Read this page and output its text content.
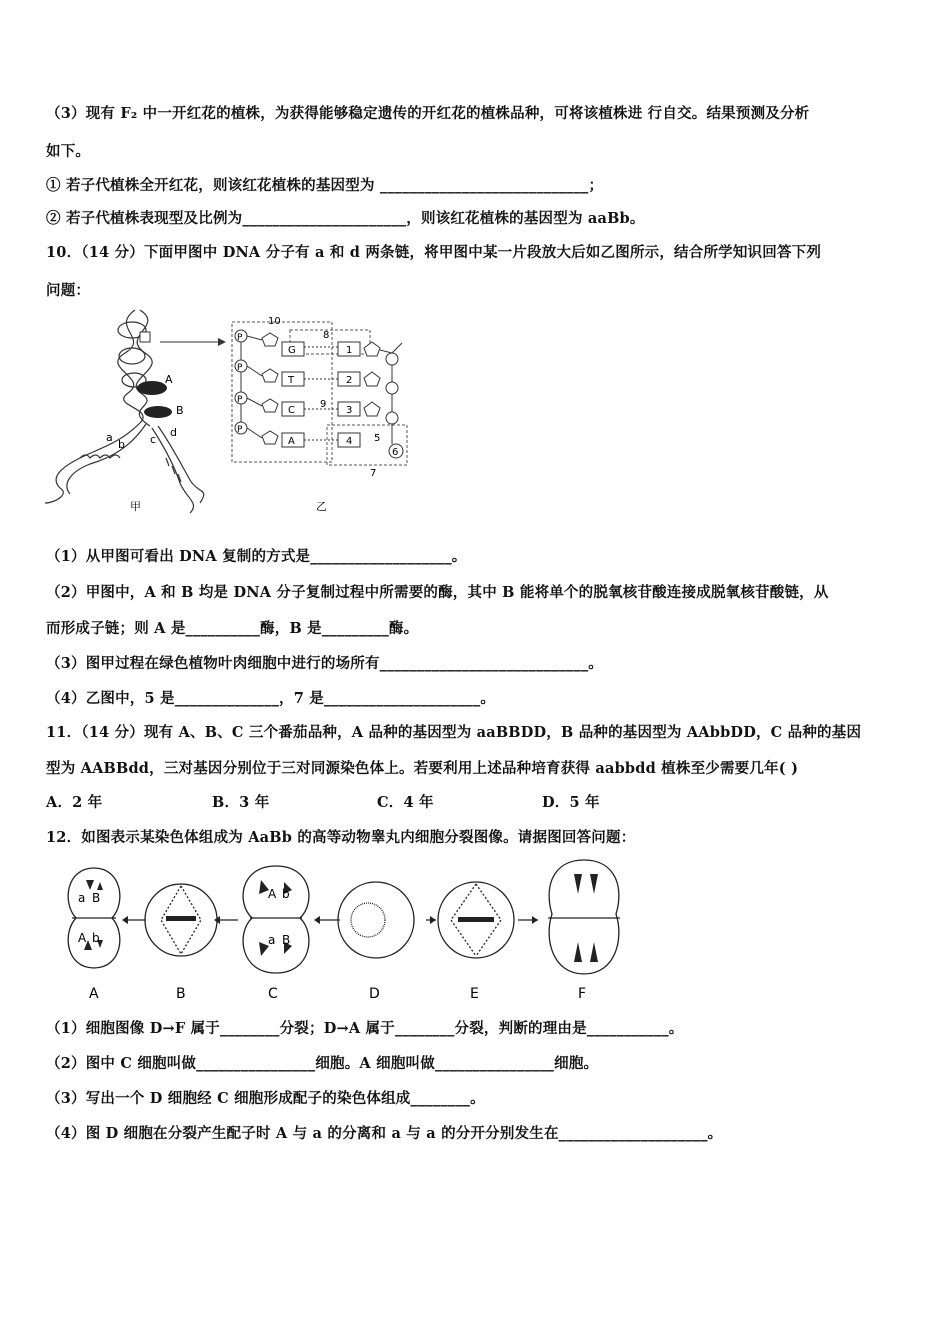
（3）现有 F₂ 中一开红花的植株，为获得能够稳定遗传的开红花的植株品种，可将该植株进 行自交。结果预测及分析
如下。
① 若子代植株全开红花，则该红花植株的基因型为 ____________________________；
② 若子代植株表现型及比例为______________________，则该红花植株的基因型为 aaBb。
10．（14 分）下面甲图中 DNA 分子有 a 和 d 两条链，将甲图中某一片段放大后如乙图所示，结合所学知识回答下列
问题：
A
B
a
b c
d
甲
10
8
P
G	1
P
T	2
P
C
9
3
P
A	4 5
6
7
乙
（1）从甲图可看出 DNA 复制的方式是___________________。
（2）甲图中，A 和 B 均是 DNA 分子复制过程中所需要的酶，其中 B 能将单个的脱氧核苷酸连接成脱氧核苷酸链，从
而形成子链；则 A 是__________酶，B 是_________酶。
（3）图甲过程在绿色植物叶肉细胞中进行的场所有____________________________。
（4）乙图中，5 是______________，7 是_____________________。
11．（14 分）现有 A、B、C 三个番茄品种，A 品种的基因型为 aaBBDD，B 品种的基因型为 AAbbDD，C 品种的基因
型为 AABBdd，三对基因分别位于三对同源染色体上。若要利用上述品种培育获得 aabbdd 植株至少需要几年( )
A．2 年	B．3 年	C．4 年	D．5 年
12．如图表示某染色体组成为 AaBb 的高等动物睾丸内细胞分裂图像。请据图回答问题：
a B
A b
A b
a B
A	B	C	D	E	F
（1）细胞图像 D→F 属于________分裂；D→A 属于________分裂，判断的理由是___________。
（2）图中 C 细胞叫做________________细胞。A 细胞叫做________________细胞。
（3）写出一个 D 细胞经 C 细胞形成配子的染色体组成________。
（4）图 D 细胞在分裂产生配子时 A 与 a 的分离和 a 与 a 的分开分别发生在____________________。
